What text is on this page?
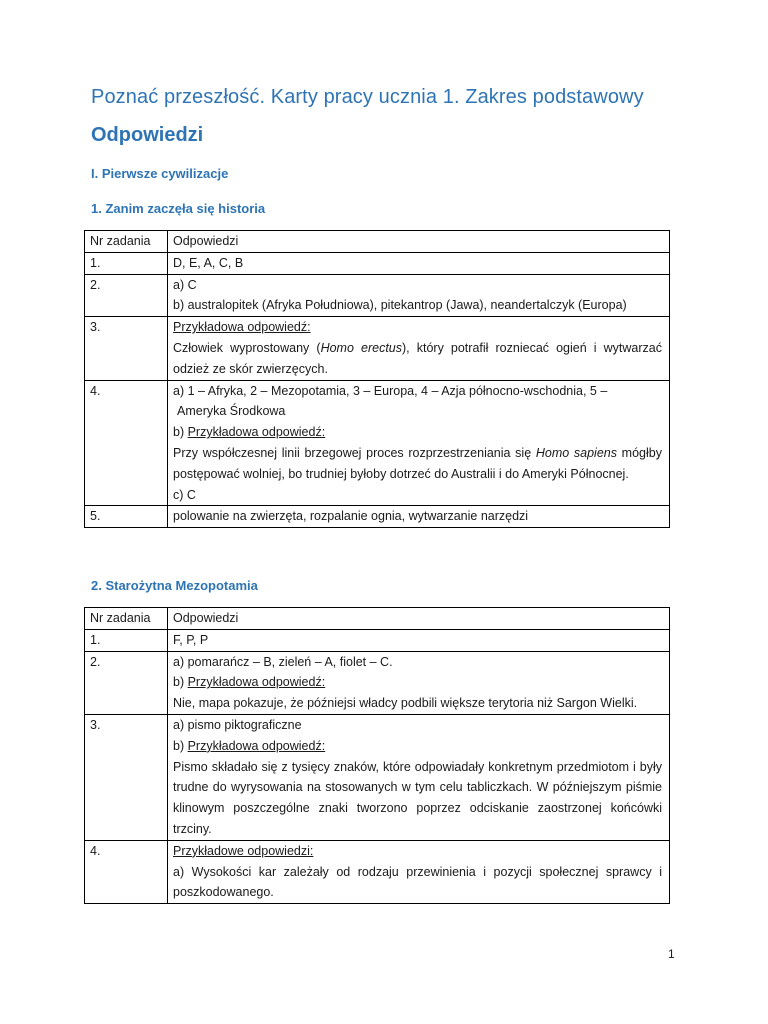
Poznać przeszłość. Karty pracy ucznia 1. Zakres podstawowy
Odpowiedzi
I. Pierwsze cywilizacje
1. Zanim zaczęła się historia
Nr zadania	Odpowiedzi
1.	D, E, A, C, B
2.	a) C
b) australopitek (Afryka Południowa), pitekantrop (Jawa), neandertalczyk (Europa)

3.	Przykładowa odpowiedź:
Człowiek wyprostowany (Homo erectus), który potrafił rozniecać ogień i wytwarzać odzież ze skór zwierzęcych.

4.	a) 1 – Afryka, 2 – Mezopotamia, 3 – Europa, 4 – Azja północno-wschodnia, 5 –
Ameryka Środkowa
b) Przykładowa odpowiedź:
Przy współczesnej linii brzegowej proces rozprzestrzeniania się Homo sapiens mógłby postępować wolniej, bo trudniej byłoby dotrzeć do Australii i do Ameryki Północnej.
c) C

5.	polowanie na zwierzęta, rozpalanie ognia, wytwarzanie narzędzi
2. Starożytna Mezopotamia
Nr zadania	Odpowiedzi
1.	F, P, P
2.	a) pomarańcz – B, zieleń – A, fiolet – C.
b) Przykładowa odpowiedź:
Nie, mapa pokazuje, że późniejsi władcy podbili większe terytoria niż Sargon Wielki.

3.	a) pismo piktograficzne
b) Przykładowa odpowiedź:
Pismo składało się z tysięcy znaków, które odpowiadały konkretnym przedmiotom i były trudne do wyrysowania na stosowanych w tym celu tabliczkach. W późniejszym piśmie klinowym poszczególne znaki tworzono poprzez odciskanie zaostrzonej końcówki trzciny.

4.	Przykładowe odpowiedzi:
a) Wysokości kar zależały od rodzaju przewinienia i pozycji społecznej sprawcy i poszkodowanego.
1
